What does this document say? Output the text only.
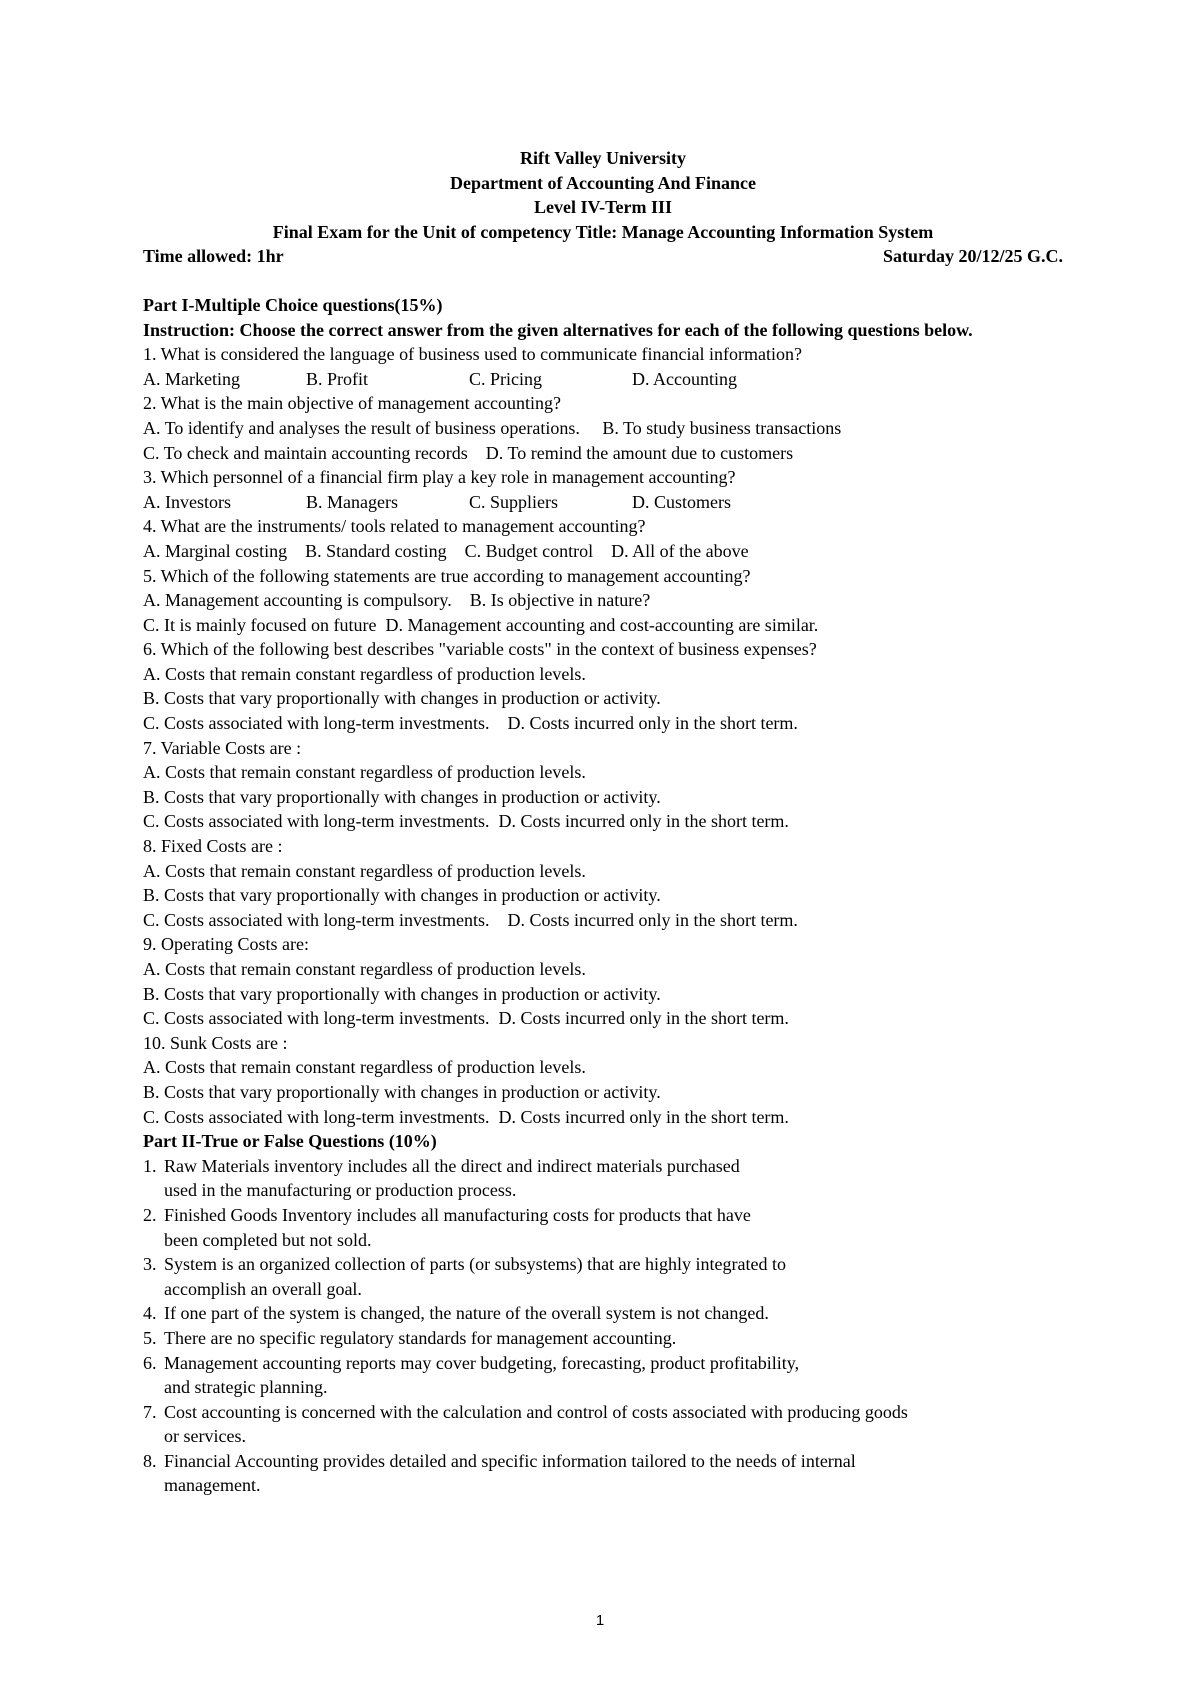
Rift Valley University
Department of Accounting And Finance
Level IV-Term III
Final Exam for the Unit of competency Title: Manage Accounting Information System
Time allowed: 1hr	Saturday 20/12/25 G.C.
Part I-Multiple Choice questions(15%)
Instruction: Choose the correct answer from the given alternatives for each of the following questions below.
1. What is considered the language of business used to communicate financial information?
A. Marketing	B. Profit	C. Pricing	D. Accounting
2. What is the main objective of management accounting?
A. To identify and analyses the result of business operations.     B. To study business transactions
C. To check and maintain accounting records    D. To remind the amount due to customers
3. Which personnel of a financial firm play a key role in management accounting?
A. Investors	B. Managers	C. Suppliers	D. Customers
4. What are the instruments/ tools related to management accounting?
A. Marginal costing    B. Standard costing    C. Budget control    D. All of the above
5. Which of the following statements are true according to management accounting?
A. Management accounting is compulsory.    B. Is objective in nature?
C. It is mainly focused on future  D. Management accounting and cost-accounting are similar.
6. Which of the following best describes "variable costs" in the context of business expenses?
A. Costs that remain constant regardless of production levels.
B. Costs that vary proportionally with changes in production or activity.
C. Costs associated with long-term investments.    D. Costs incurred only in the short term.
7. Variable Costs are :
A. Costs that remain constant regardless of production levels.
B. Costs that vary proportionally with changes in production or activity.
C. Costs associated with long-term investments.  D. Costs incurred only in the short term.
8. Fixed Costs are :
A. Costs that remain constant regardless of production levels.
B. Costs that vary proportionally with changes in production or activity.
C. Costs associated with long-term investments.    D. Costs incurred only in the short term.
9. Operating Costs are:
A. Costs that remain constant regardless of production levels.
B. Costs that vary proportionally with changes in production or activity.
C. Costs associated with long-term investments.  D. Costs incurred only in the short term.
10. Sunk Costs are :
A. Costs that remain constant regardless of production levels.
B. Costs that vary proportionally with changes in production or activity.
C. Costs associated with long-term investments.  D. Costs incurred only in the short term.
Part II-True or False Questions (10%)
1. Raw Materials inventory includes all the direct and indirect materials purchased
used in the manufacturing or production process.
2. Finished Goods Inventory includes all manufacturing costs for products that have
been completed but not sold.
3. System is an organized collection of parts (or subsystems) that are highly integrated to
accomplish an overall goal.
4. If one part of the system is changed, the nature of the overall system is not changed.
5. There are no specific regulatory standards for management accounting.
6. Management accounting reports may cover budgeting, forecasting, product profitability,
and strategic planning.
7. Cost accounting is concerned with the calculation and control of costs associated with producing goods
or services.
8. Financial Accounting provides detailed and specific information tailored to the needs of internal
management.
1
